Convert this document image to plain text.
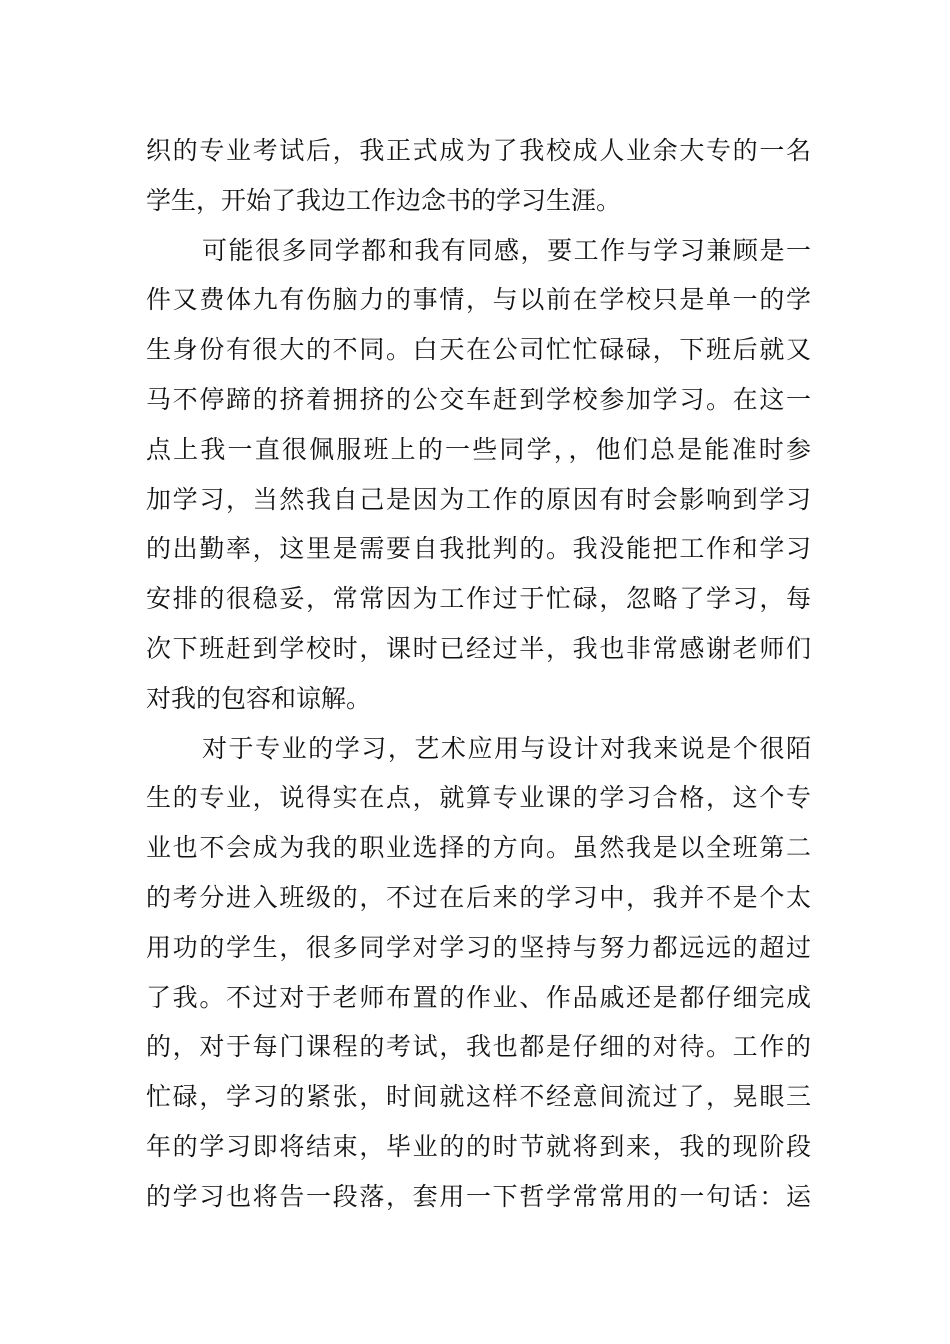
织的专业考试后，我正式成为了我校成人业余大专的一名
学生，开始了我边工作边念书的学习生涯。
可能很多同学都和我有同感，要工作与学习兼顾是一
件又费体九有伤脑力的事情，与以前在学校只是单一的学
生身份有很大的不同。白天在公司忙忙碌碌，下班后就又
马不停蹄的挤着拥挤的公交车赶到学校参加学习。在这一
点上我一直很佩服班上的一些同学，，他们总是能准时参
加学习，当然我自己是因为工作的原因有时会影响到学习
的出勤率，这里是需要自我批判的。我没能把工作和学习
安排的很稳妥，常常因为工作过于忙碌，忽略了学习，每
次下班赶到学校时，课时已经过半，我也非常感谢老师们
对我的包容和谅解。
对于专业的学习，艺术应用与设计对我来说是个很陌
生的专业，说得实在点，就算专业课的学习合格，这个专
业也不会成为我的职业选择的方向。虽然我是以全班第二
的考分进入班级的，不过在后来的学习中，我并不是个太
用功的学生，很多同学对学习的坚持与努力都远远的超过
了我。不过对于老师布置的作业、作品戚还是都仔细完成
的，对于每门课程的考试，我也都是仔细的对待。工作的
忙碌，学习的紧张，时间就这样不经意间流过了，晃眼三
年的学习即将结束，毕业的的时节就将到来，我的现阶段
的学习也将告一段落，套用一下哲学常常用的一句话：运
